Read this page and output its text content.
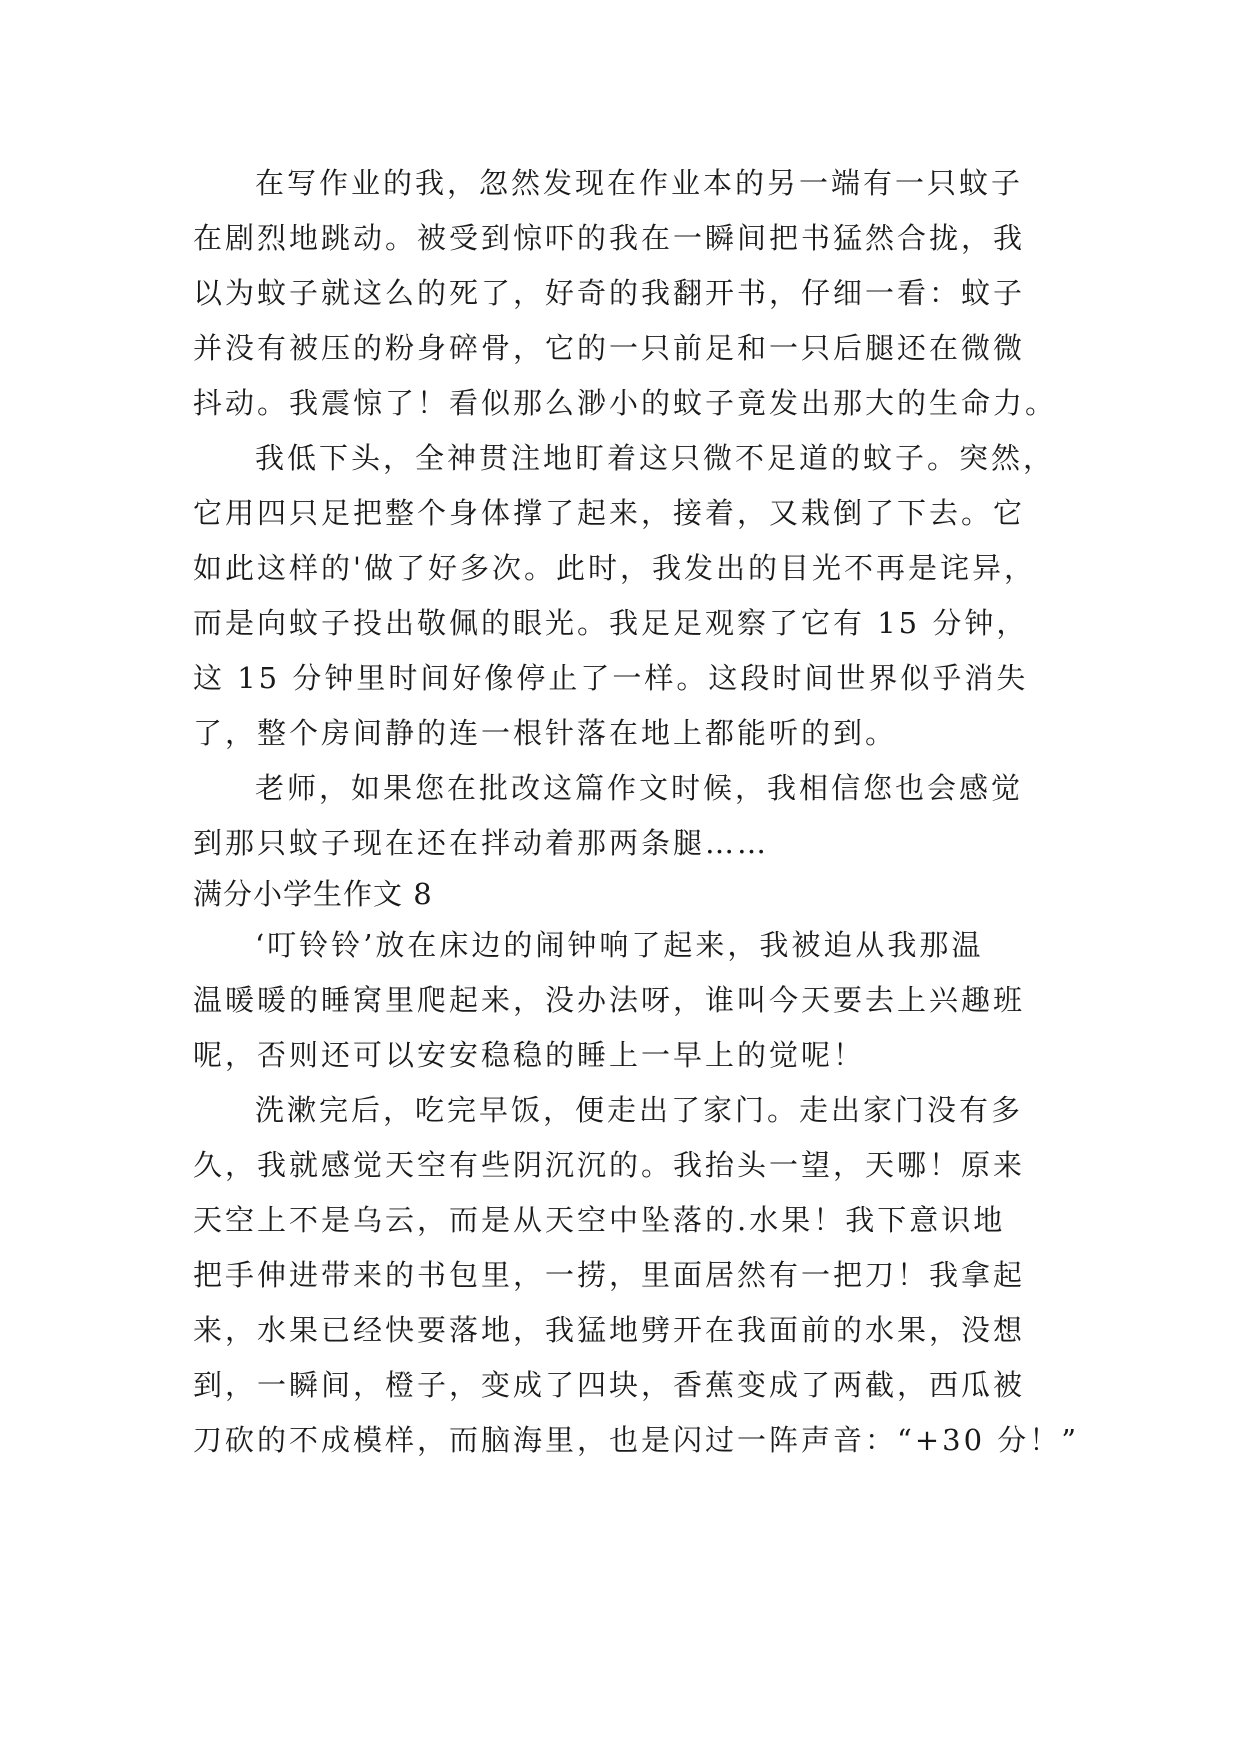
在写作业的我，忽然发现在作业本的另一端有一只蚊子
在剧烈地跳动。被受到惊吓的我在一瞬间把书猛然合拢，我
以为蚊子就这么的死了，好奇的我翻开书，仔细一看：蚊子
并没有被压的粉身碎骨，它的一只前足和一只后腿还在微微
抖动。我震惊了！看似那么渺小的蚊子竟发出那大的生命力。
我低下头，全神贯注地盯着这只微不足道的蚊子。突然，
它用四只足把整个身体撑了起来，接着，又栽倒了下去。它
如此这样的'做了好多次。此时，我发出的目光不再是诧异，
而是向蚊子投出敬佩的眼光。我足足观察了它有 15 分钟，
这 15 分钟里时间好像停止了一样。这段时间世界似乎消失
了，整个房间静的连一根针落在地上都能听的到。
老师，如果您在批改这篇作文时候，我相信您也会感觉
到那只蚊子现在还在拌动着那两条腿……
满分小学生作文 8
‘叮铃铃’放在床边的闹钟响了起来，我被迫从我那温
温暖暖的睡窝里爬起来，没办法呀，谁叫今天要去上兴趣班
呢，否则还可以安安稳稳的睡上一早上的觉呢！
洗漱完后，吃完早饭，便走出了家门。走出家门没有多
久，我就感觉天空有些阴沉沉的。我抬头一望，天哪！原来
天空上不是乌云，而是从天空中坠落的.水果！我下意识地
把手伸进带来的书包里，一捞，里面居然有一把刀！我拿起
来，水果已经快要落地，我猛地劈开在我面前的水果，没想
到，一瞬间，橙子，变成了四块，香蕉变成了两截，西瓜被
刀砍的不成模样，而脑海里，也是闪过一阵声音：“+30 分！”
